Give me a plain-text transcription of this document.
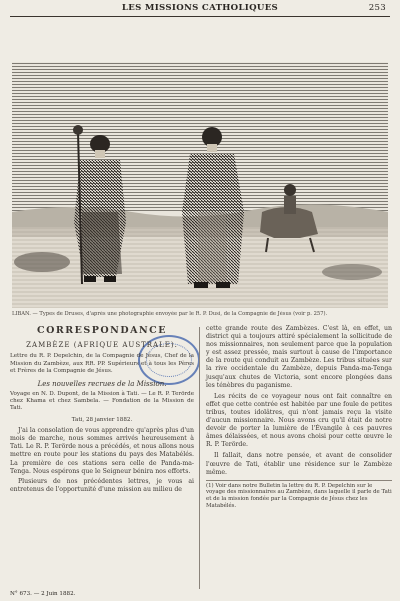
LES MISSIONS CATHOLIQUES	253
LIBAN. — Types de Druses, d'après une photographie envoyée par le R. P. Dusi, de la Compagnie de Jésus (voir p. 257).
CORRESPONDANCE
ZAMBÈZE (AFRIQUE AUSTRALE).
Lettre du R. P. Depelchin, de la Compagnie de Jésus, Chef de la Mission du Zambèze, aux RR. PP. Supérieurs et à tous les Pères et Frères de la Compagnie de Jésus.
Les nouvelles recrues de la Mission.
Voyage en N. D. Dupont, de la Mission à Tati. — Le R. P. Terörde chez Khama et chez Sambela. — Fondation de la Mission de Tati.
Tati, 28 janvier 1882.

J'ai la consolation de vous apprendre qu'après plus d'un mois de marche, nous sommes arrivés heureusement à Tati. Le R. P. Terörde nous a précédés, et nous allons nous mettre en route pour les stations du pays des Matabélés. La première de ces stations sera celle de Panda-ma-Tenga. Nous espérons que le Seigneur bénira nos efforts.

Plusieurs de nos précédentes lettres, je vous ai entretenus de l'opportunité d'une mission au milieu de

cette grande route des Zambèzes. C'est là, en effet, un district qui a toujours attiré spécialement la sollicitude de nos missionnaires, non seulement parce que la population y est assez pressée, mais surtout à cause de l'importance de la route qui conduit au Zambèze. Les tribus situées sur la rive occidentale du Zambèze, depuis Panda-ma-Tenga jusqu'aux chutes de Victoria, sont encore plongées dans les ténèbres du paganisme.

Les récits de ce voyageur nous ont fait connaître en effet que cette contrée est habitée par une foule de petites tribus, toutes idolâtres, qui n'ont jamais reçu la visite d'aucun missionnaire. Nous avons cru qu'il était de notre devoir de porter la lumière de l'Évangile à ces pauvres âmes délaissées, et nous avons choisi pour cette œuvre le R. P. Terörde.

Il fallait, dans notre pensée, et avant de consolider l'œuvre de Tati, établir une résidence sur le Zambèze même.

(1) Voir dans notre Bulletin la lettre du R. P. Depelchin sur le voyage des missionnaires au Zambèze, dans laquelle il parle de Tati et de la mission fondée par la Compagnie de Jésus chez les Matabélés.
N° 673. — 2 Juin 1882.
